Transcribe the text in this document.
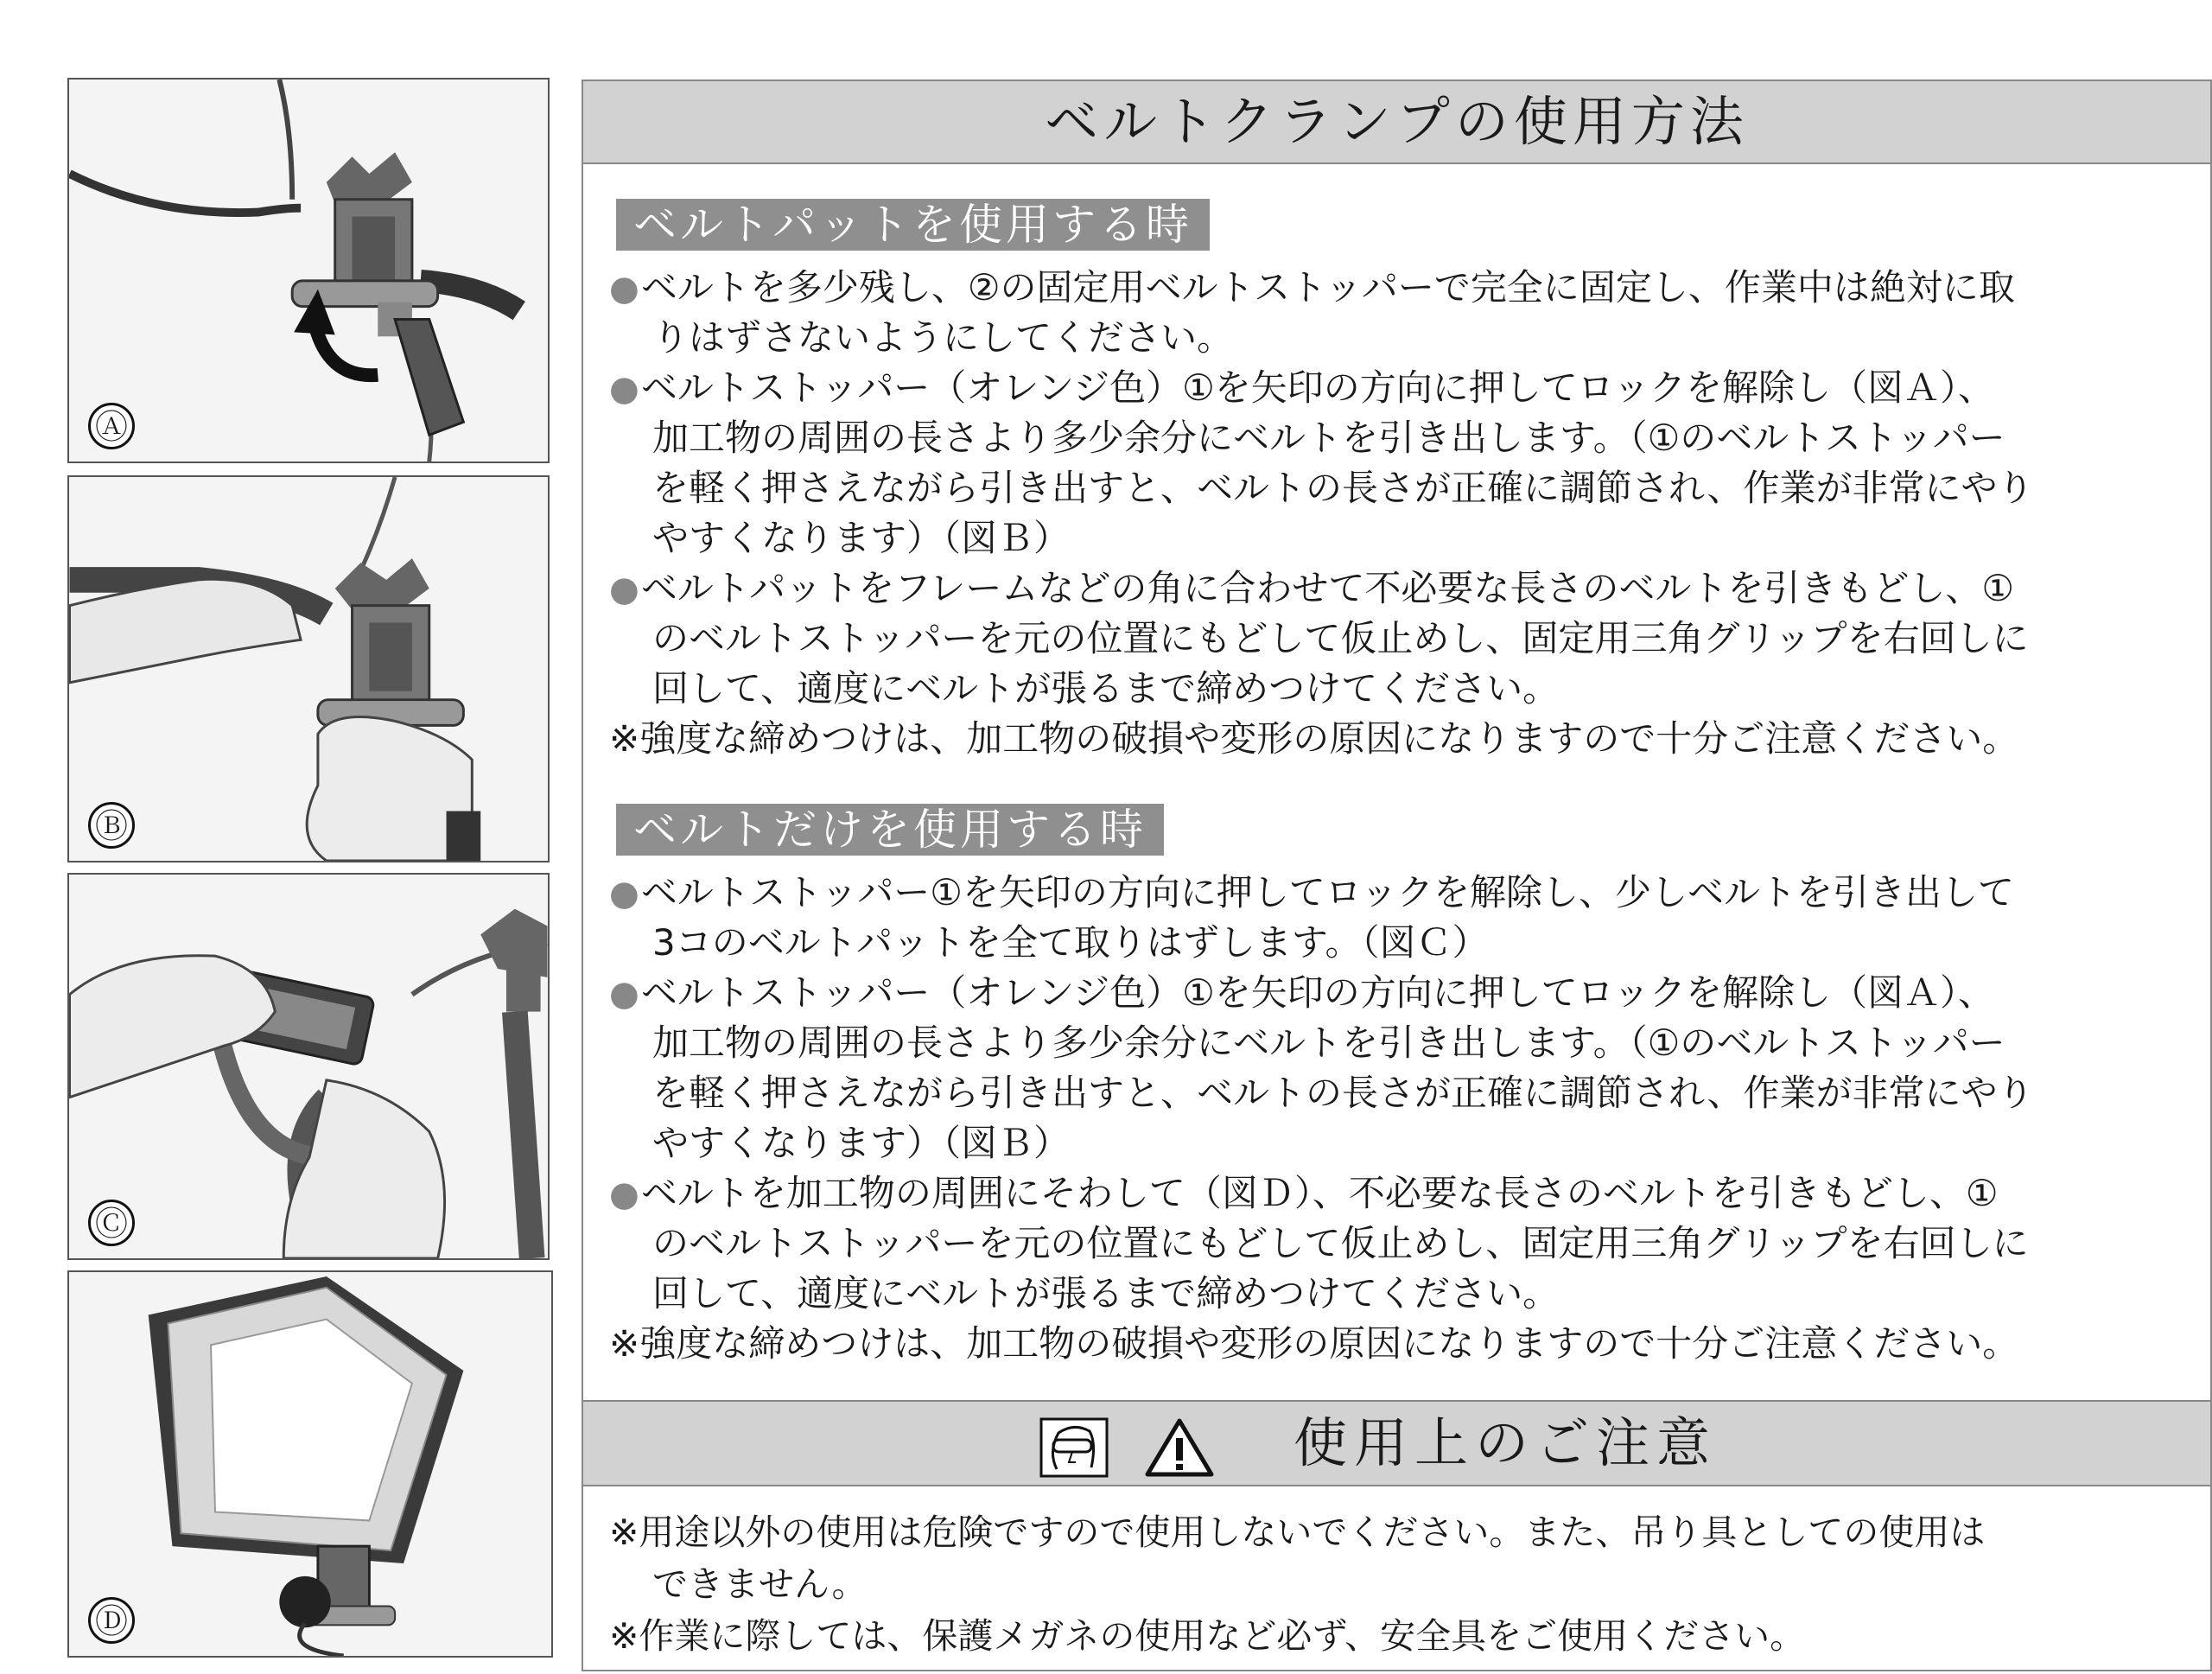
Ⓐ
Ⓑ
Ⓒ
Ⓓ
ベルトクランプの使用方法
ベルトパットを使用する時
●ベルトを多少残し、②の固定用ベルトストッパーで完全に固定し、作業中は絶対に取
りはずさないようにしてください。
●ベルトストッパー（オレンジ色）①を矢印の方向に押してロックを解除し（図Ａ）、
加工物の周囲の長さより多少余分にベルトを引き出します。（①のベルトストッパー
を軽く押さえながら引き出すと、ベルトの長さが正確に調節され、作業が非常にやり
やすくなります）（図Ｂ）
●ベルトパットをフレームなどの角に合わせて不必要な長さのベルトを引きもどし、①
のベルトストッパーを元の位置にもどして仮止めし、固定用三角グリップを右回しに
回して、適度にベルトが張るまで締めつけてください。
※強度な締めつけは、加工物の破損や変形の原因になりますので十分ご注意ください。
ベルトだけを使用する時
●ベルトストッパー①を矢印の方向に押してロックを解除し、少しベルトを引き出して
3コのベルトパットを全て取りはずします。（図Ｃ）
●ベルトストッパー（オレンジ色）①を矢印の方向に押してロックを解除し（図Ａ）、
加工物の周囲の長さより多少余分にベルトを引き出します。（①のベルトストッパー
を軽く押さえながら引き出すと、ベルトの長さが正確に調節され、作業が非常にやり
やすくなります）（図Ｂ）
●ベルトを加工物の周囲にそわして（図Ｄ）、不必要な長さのベルトを引きもどし、①
のベルトストッパーを元の位置にもどして仮止めし、固定用三角グリップを右回しに
回して、適度にベルトが張るまで締めつけてください。
※強度な締めつけは、加工物の破損や変形の原因になりますので十分ご注意ください。
使用上のご注意
※用途以外の使用は危険ですので使用しないでください。また、吊り具としての使用は
できません。
※作業に際しては、保護メガネの使用など必ず、安全具をご使用ください。
